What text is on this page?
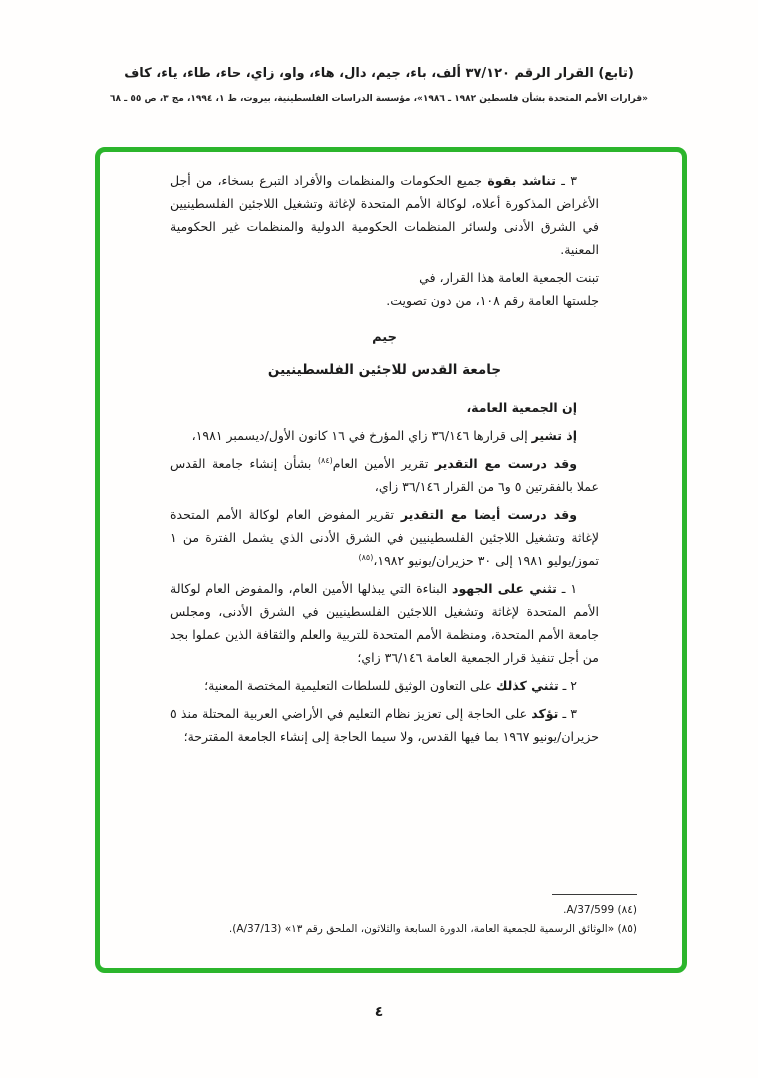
(تابع) القرار الرقم ٣٧/١٢٠ ألف، باء، جيم، دال، هاء، واو، زاي، حاء، طاء، ياء، كاف
«قرارات الأمم المتحدة بشأن فلسطين ١٩٨٢ ـ ١٩٨٦»، مؤسسة الدراسات الفلسطينية، بيروت، ط ١، ١٩٩٤، مج ٣، ص ٥٥ ـ ٦٨

٣ ـ تناشد بقوة جميع الحكومات والمنظمات والأفراد التبرع بسخاء، من أجل الأغراض المذكورة أعلاه، لوكالة الأمم المتحدة لإغاثة وتشغيل اللاجئين الفلسطينيين في الشرق الأدنى ولسائر المنظمات الحكومية الدولية والمنظمات غير الحكومية المعنية.

تبنت الجمعية العامة هذا القرار، في جلستها العامة رقم ١٠٨، من دون تصويت.

جيم
جامعة القدس للاجئين الفلسطينيين

إن الجمعية العامة،

إذ تشير إلى قرارها ٣٦/١٤٦ زاي المؤرخ في ١٦ كانون الأول/ديسمبر ١٩٨١،

وقد درست مع التقدير تقرير الأمين العام$^{(٨٤)}$ بشأن إنشاء جامعة القدس عملا بالفقرتين ٥ و٦ من القرار ٣٦/١٤٦ زاي،

وقد درست أيضا مع التقدير تقرير المفوض العام لوكالة الأمم المتحدة لإغاثة وتشغيل اللاجئين الفلسطينيين في الشرق الأدنى الذي يشمل الفترة من ١ تموز/يوليو ١٩٨١ إلى ٣٠ حزيران/يونيو ١٩٨٢،$^{(٨٥)}$

١ ـ تثني على الجهود البناءة التي يبذلها الأمين العام، والمفوض العام لوكالة الأمم المتحدة لإغاثة وتشغيل اللاجئين الفلسطينيين في الشرق الأدنى، ومجلس جامعة الأمم المتحدة، ومنظمة الأمم المتحدة للتربية والعلم والثقافة الذين عملوا بجد من أجل تنفيذ قرار الجمعية العامة ٣٦/١٤٦ زاي؛

٢ ـ تثني كذلك على التعاون الوثيق للسلطات التعليمية المختصة المعنية؛

٣ ـ تؤكد على الحاجة إلى تعزيز نظام التعليم في الأراضي العربية المحتلة منذ ٥ حزيران/يونيو ١٩٦٧ بما فيها القدس، ولا سيما الحاجة إلى إنشاء الجامعة المقترحة؛

(٨٤) A/37/599.

(٨٥) «الوثائق الرسمية للجمعية العامة، الدورة السابعة والثلاثون، الملحق رقم ١٣» (A/37/13).

٤
